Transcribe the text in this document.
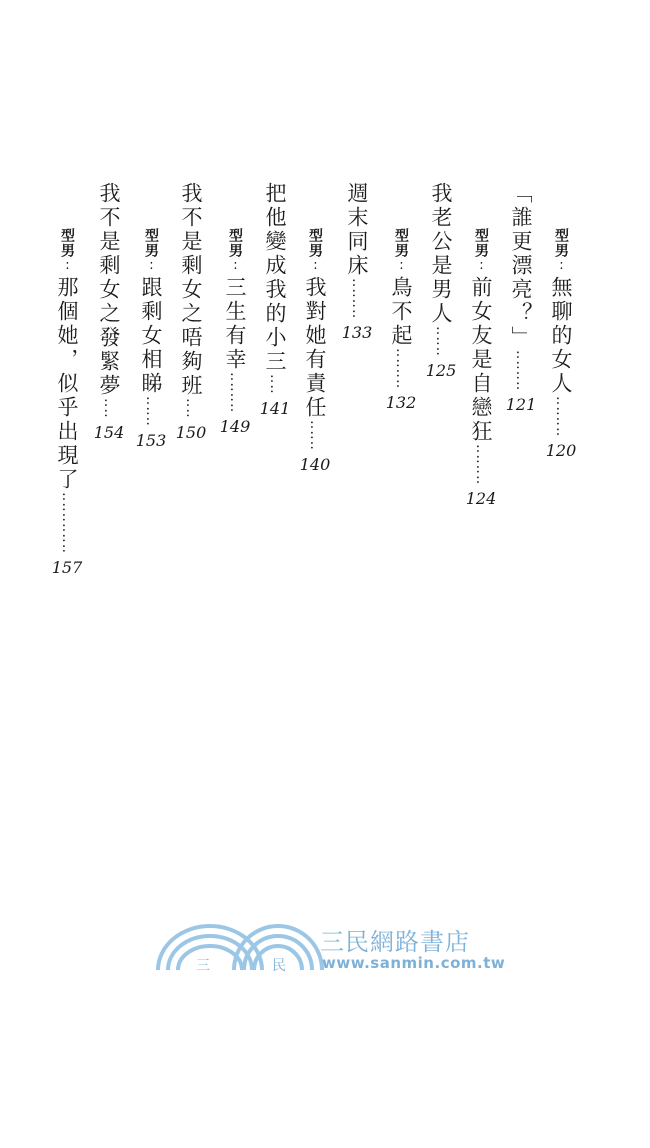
型男:無聊的女人
‥‥‥‥
120
「誰更漂亮？」
‥‥‥‥
121
型男:前女友是自戀狂
‥‥‥‥
124
我老公是男人
‥‥‥
125
型男:鳥不起
‥‥‥‥
132
週末同床
‥‥‥‥
133
型男:我對她有責任
‥‥‥
140
把他變成我的小三
‥‥
141
型男:三生有幸
‥‥‥‥
149
我不是剩女之唔夠班
‥‥
150
型男:跟剩女相睇
‥‥‥
153
我不是剩女之發緊夢
‥‥
154
型男:那個她，似乎出現了
‥‥‥‥‥‥
157
三	民
三民網路書店
www.sanmin.com.tw
